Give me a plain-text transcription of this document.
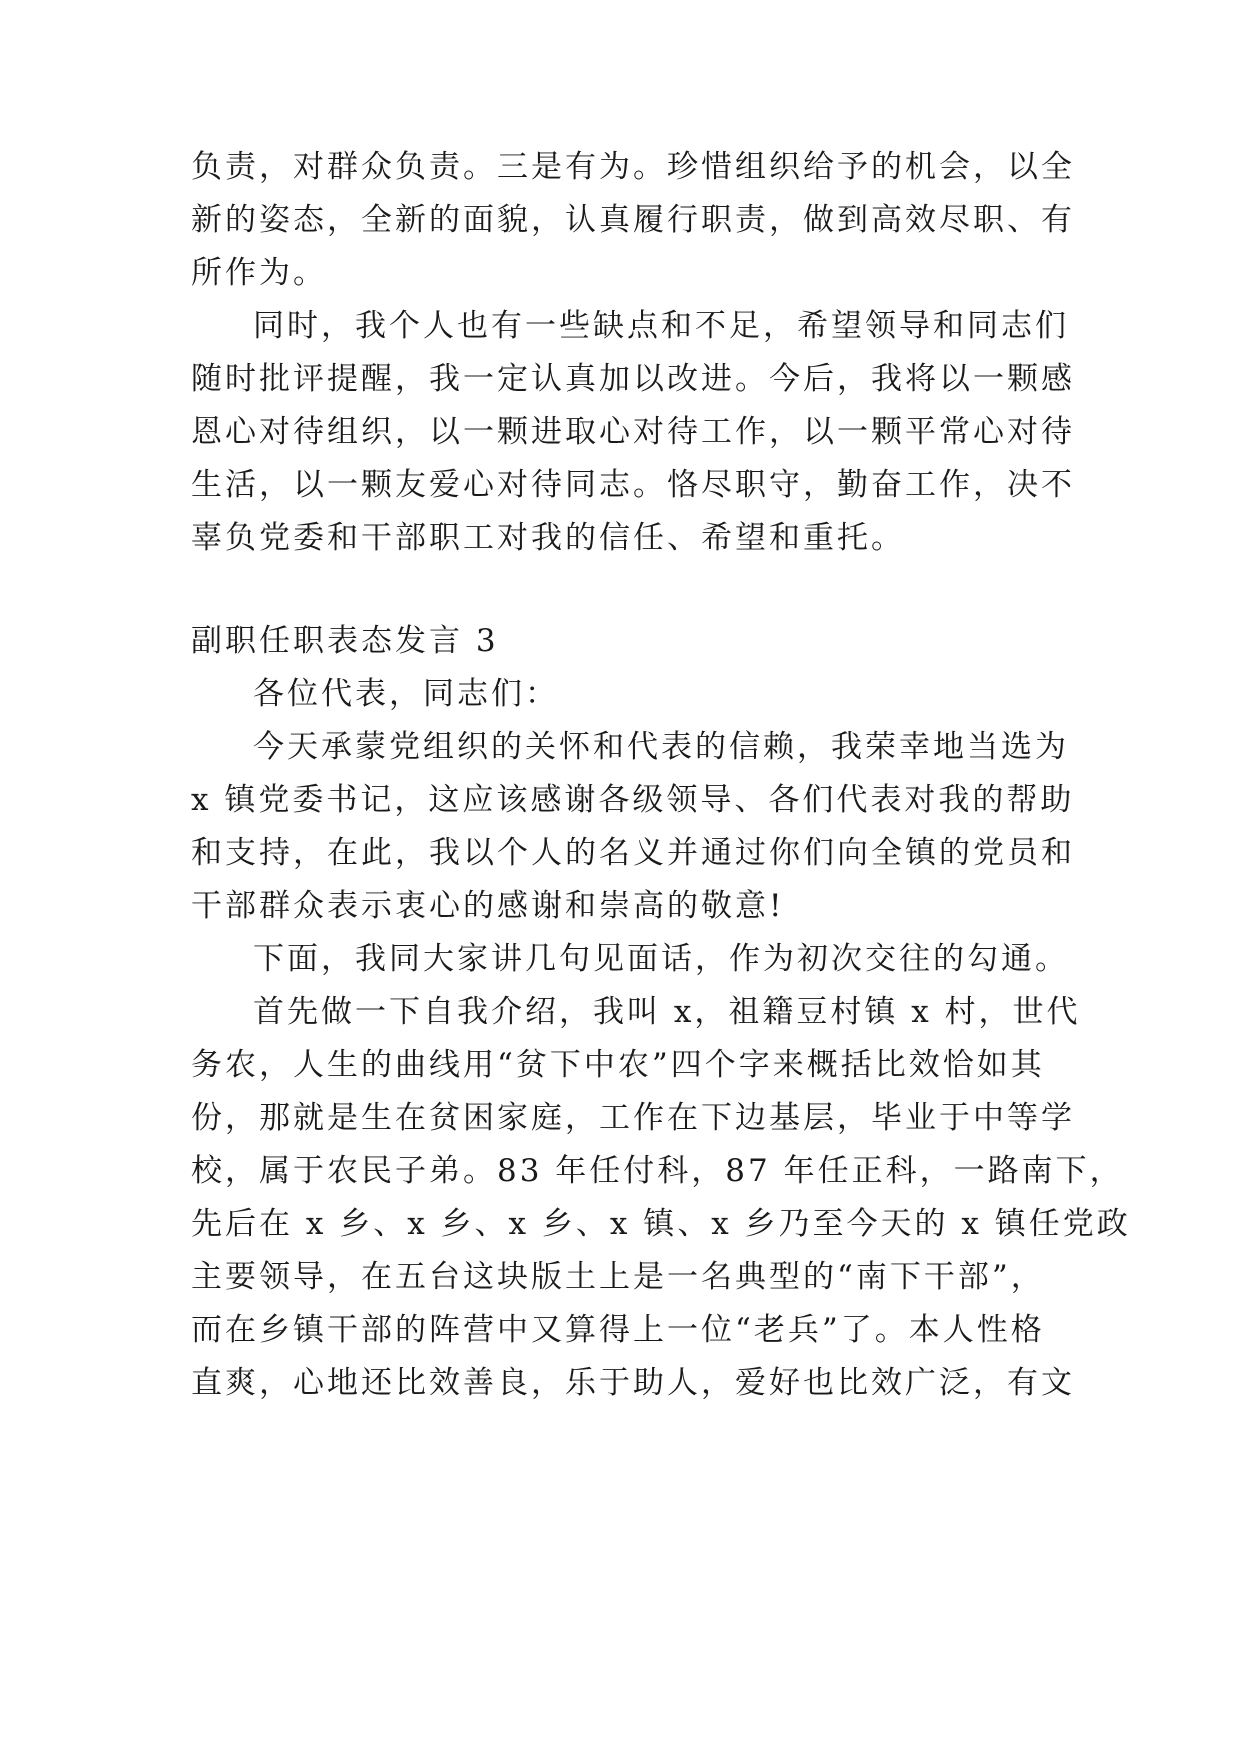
负责，对群众负责。三是有为。珍惜组织给予的机会，以全
新的姿态，全新的面貌，认真履行职责，做到高效尽职、有
所作为。
同时，我个人也有一些缺点和不足，希望领导和同志们
随时批评提醒，我一定认真加以改进。今后，我将以一颗感
恩心对待组织，以一颗进取心对待工作，以一颗平常心对待
生活，以一颗友爱心对待同志。恪尽职守，勤奋工作，决不
辜负党委和干部职工对我的信任、希望和重托。
副职任职表态发言 3
各位代表，同志们：
今天承蒙党组织的关怀和代表的信赖，我荣幸地当选为
x 镇党委书记，这应该感谢各级领导、各们代表对我的帮助
和支持，在此，我以个人的名义并通过你们向全镇的党员和
干部群众表示衷心的感谢和崇高的敬意!
下面，我同大家讲几句见面话，作为初次交往的勾通。
首先做一下自我介绍，我叫 x，祖籍豆村镇 x 村，世代
务农，人生的曲线用“贫下中农”四个字来概括比效恰如其
份，那就是生在贫困家庭，工作在下边基层，毕业于中等学
校，属于农民子弟。83 年任付科，87 年任正科，一路南下，
先后在 x 乡、x 乡、x 乡、x 镇、x 乡乃至今天的 x 镇任党政
主要领导，在五台这块版土上是一名典型的“南下干部”，
而在乡镇干部的阵营中又算得上一位“老兵”了。本人性格
直爽，心地还比效善良，乐于助人，爱好也比效广泛，有文
